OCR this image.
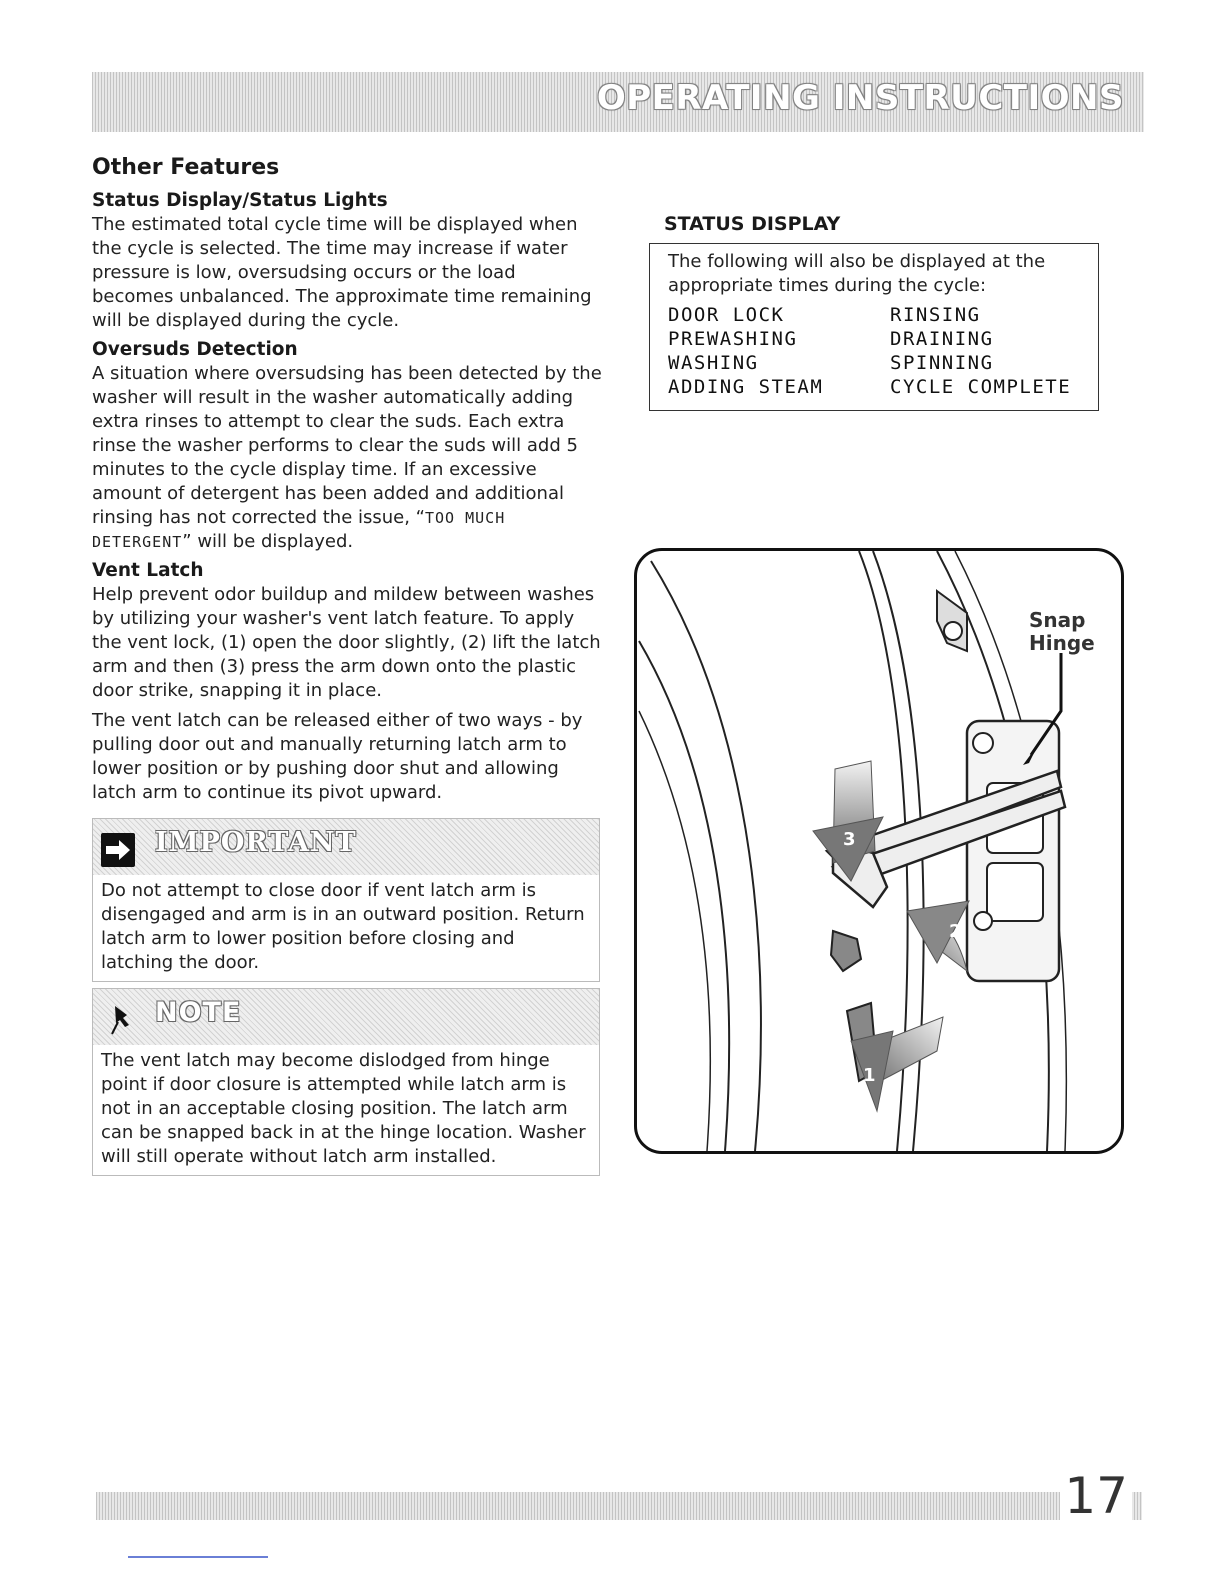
OPERATING INSTRUCTIONS
Other Features
Status Display/Status Lights

The estimated total cycle time will be displayed when the cycle is selected. The time may increase if water pressure is low, oversudsing occurs or the load becomes unbalanced. The approximate time remaining will be displayed during the cycle.

Oversuds Detection

A situation where oversudsing has been detected by the washer will result in the washer automatically adding extra rinses to attempt to clear the suds. Each extra rinse the washer performs to clear the suds will add 5 minutes to the cycle display time. If an excessive amount of detergent has been added and additional rinsing has not corrected the issue, “TOO MUCH DETERGENT” will be displayed.

Vent Latch

Help prevent odor buildup and mildew between washes by utilizing your washer's vent latch feature. To apply the vent lock, (1) open the door slightly, (2) lift the latch arm and then (3) press the arm down onto the plastic door strike, snapping it in place.

The vent latch can be released either of two ways - by pulling door out and manually returning latch arm to lower position or by pushing door shut and allowing latch arm to continue its pivot upward.

IMPORTANT

Do not attempt to close door if vent latch arm is disengaged and arm is in an outward position. Return latch arm to lower position before closing and latching the door.

NOTE

The vent latch may become dislodged from hinge point if door closure is attempted while latch arm is not in an acceptable closing position. The latch arm can be snapped back in at the hinge location. Washer will still operate without latch arm installed.

STATUS DISPLAY

The following will also be displayed at the appropriate times during the cycle:

DOOR LOCK	RINSING
PREWASHING	DRAINING
WASHING	SPINNING
ADDING STEAM	CYCLE COMPLETE
3
2
1
Snap Hinge
17
